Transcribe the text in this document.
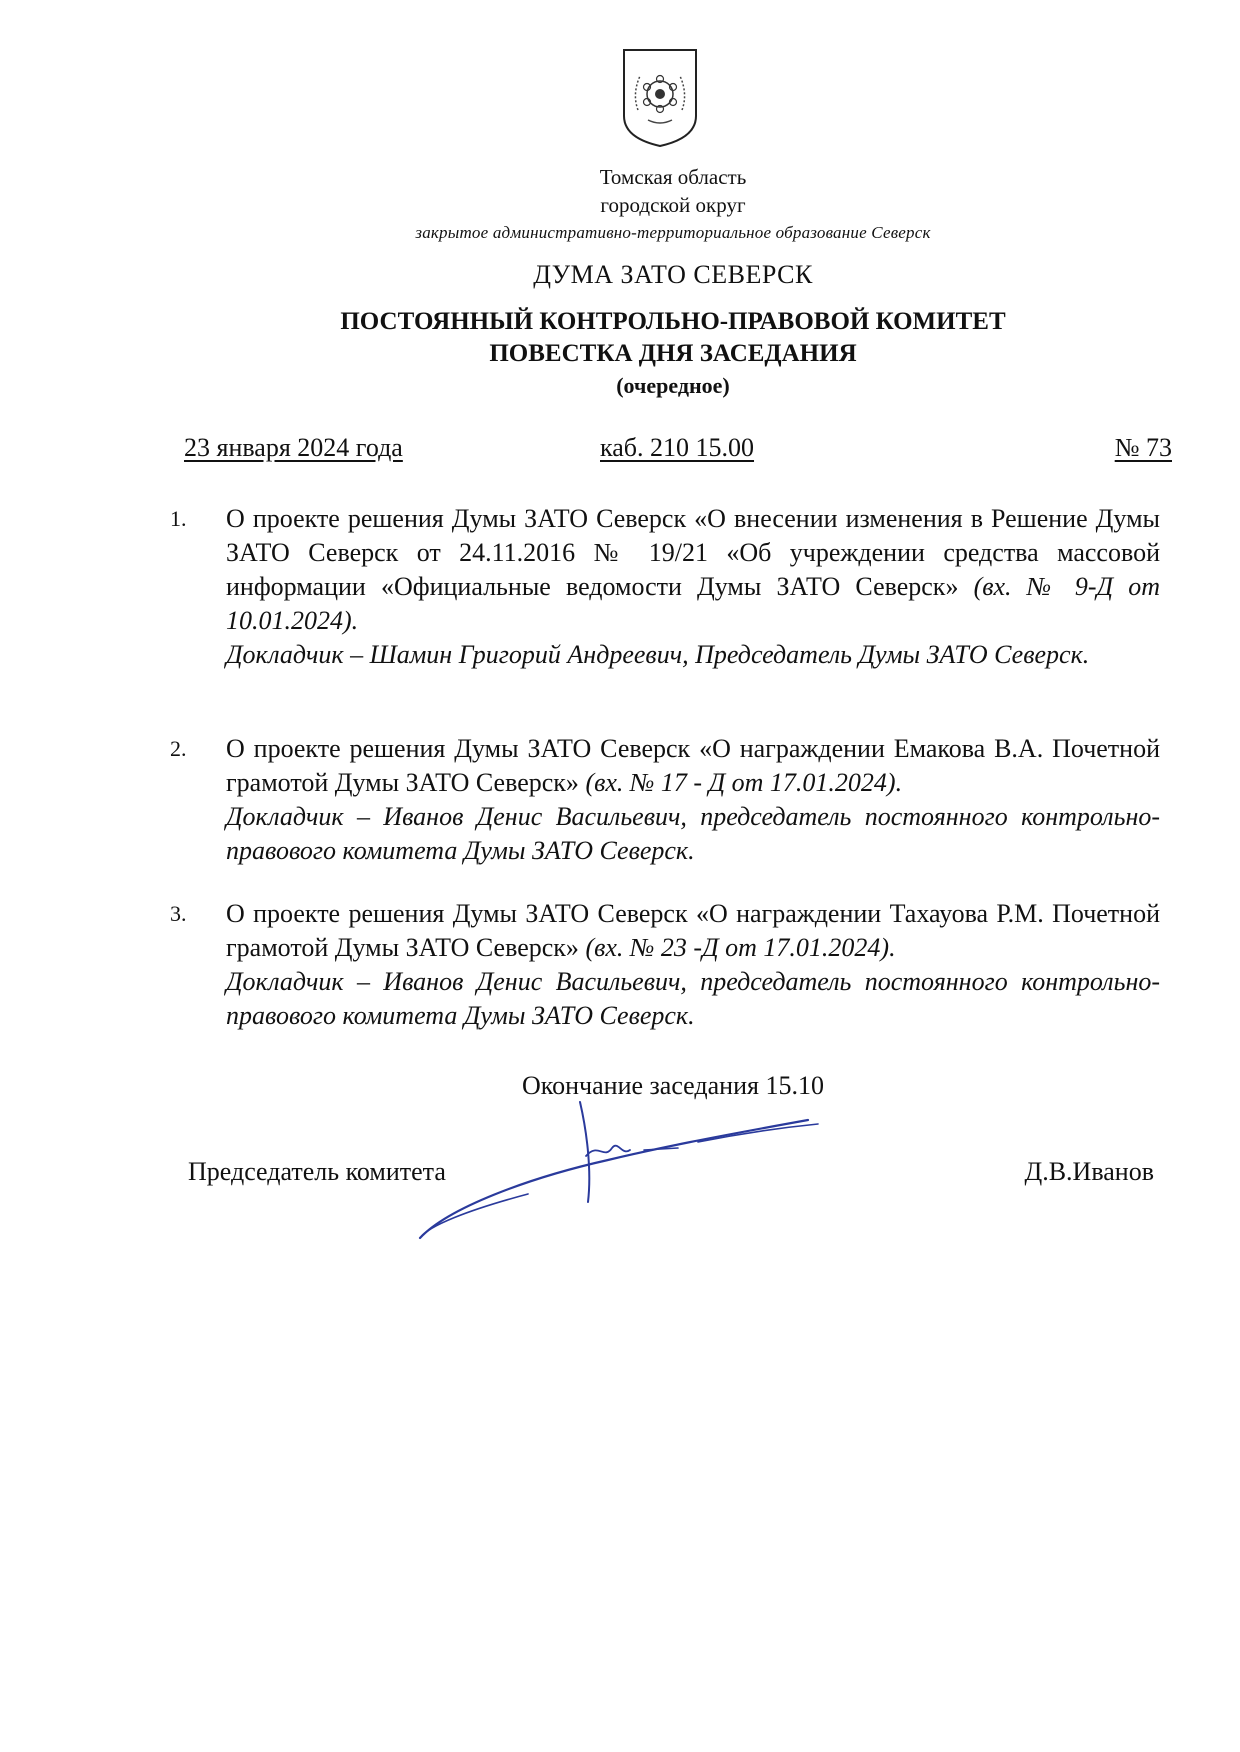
Томская область
городской округ
закрытое административно-территориальное образование Северск
ДУМА ЗАТО СЕВЕРСК
ПОСТОЯННЫЙ КОНТРОЛЬНО-ПРАВОВОЙ КОМИТЕТ
ПОВЕСТКА ДНЯ ЗАСЕДАНИЯ
(очередное)
23 января 2024 года	каб. 210 15.00	№ 73
1. О проекте решения Думы ЗАТО Северск «О внесении изменения в Решение Думы ЗАТО Северск от 24.11.2016 № 19/21 «Об учреждении средства массовой информации «Официальные ведомости Думы ЗАТО Северск» (вх. № 9-Д от 10.01.2024).

Докладчик – Шамин Григорий Андреевич, Председатель Думы ЗАТО Северск.

2. О проекте решения Думы ЗАТО Северск «О награждении Емакова В.А. Почетной грамотой Думы ЗАТО Северск» (вх. № 17 - Д от 17.01.2024).

Докладчик – Иванов Денис Васильевич, председатель постоянного контрольно-правового комитета Думы ЗАТО Северск.

3. О проекте решения Думы ЗАТО Северск «О награждении Тахауова Р.М. Почетной грамотой Думы ЗАТО Северск» (вх. № 23 -Д от 17.01.2024).

Докладчик – Иванов Денис Васильевич, председатель постоянного контрольно-правового комитета Думы ЗАТО Северск.

Окончание заседания 15.10
Председатель комитета	Д.В.Иванов
